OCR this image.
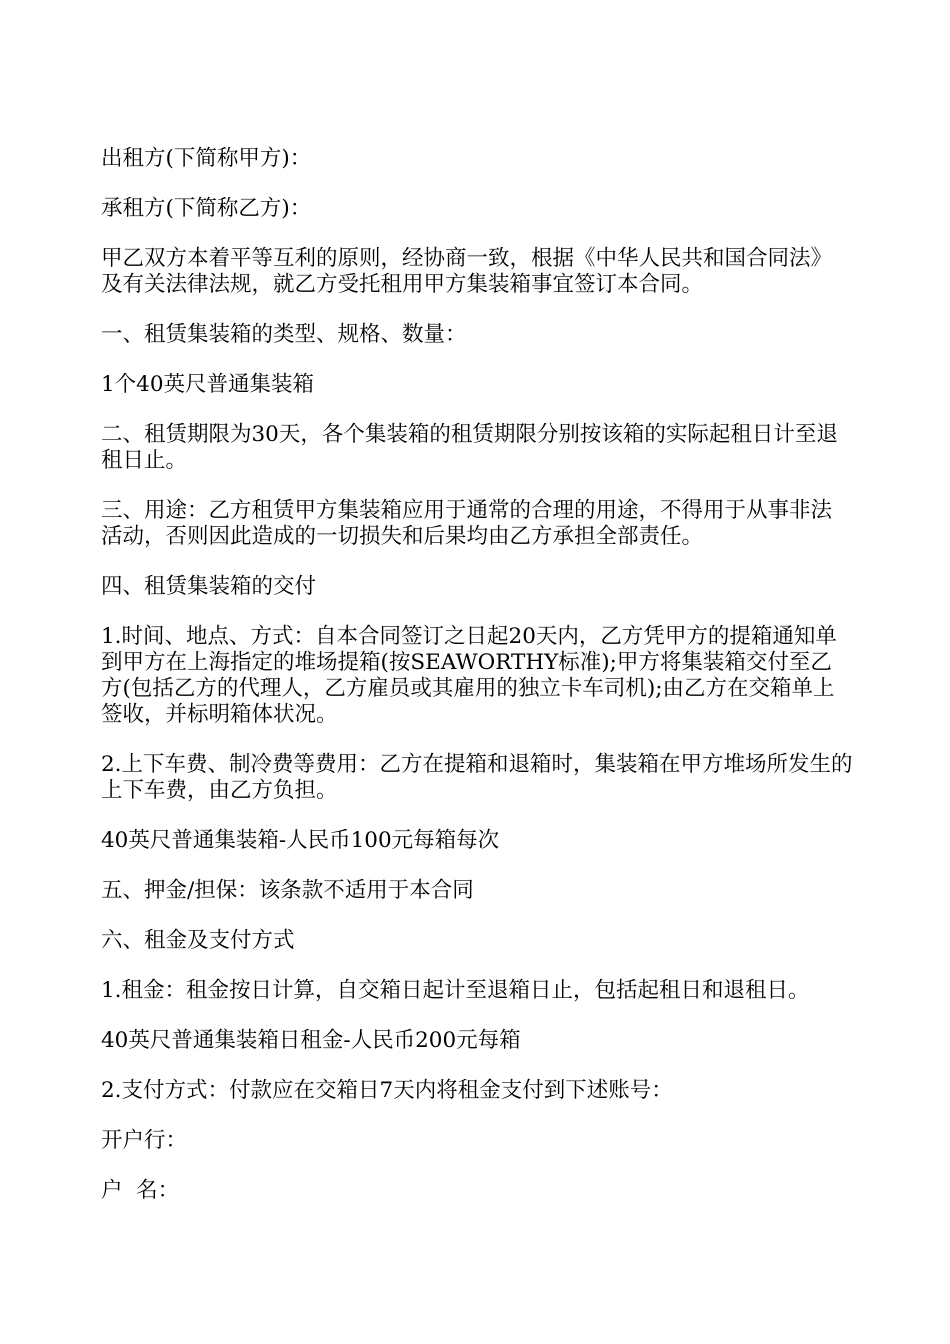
出租方(下简称甲方)：

承租方(下简称乙方)：

甲乙双方本着平等互利的原则，经协商一致，根据《中华人民共和国合同法》及有关法律法规，就乙方受托租用甲方集装箱事宜签订本合同。

一、租赁集装箱的类型、规格、数量：

1个40英尺普通集装箱

二、租赁期限为30天，各个集装箱的租赁期限分别按该箱的实际起租日计至退租日止。

三、用途：乙方租赁甲方集装箱应用于通常的合理的用途，不得用于从事非法活动，否则因此造成的一切损失和后果均由乙方承担全部责任。

四、租赁集装箱的交付

1.时间、地点、方式：自本合同签订之日起20天内，乙方凭甲方的提箱通知单到甲方在上海指定的堆场提箱(按SEAWORTHY标准);甲方将集装箱交付至乙方(包括乙方的代理人，乙方雇员或其雇用的独立卡车司机);由乙方在交箱单上签收，并标明箱体状况。

2.上下车费、制冷费等费用：乙方在提箱和退箱时，集装箱在甲方堆场所发生的上下车费，由乙方负担。

40英尺普通集装箱-人民币100元每箱每次

五、押金/担保：该条款不适用于本合同

六、租金及支付方式

1.租金：租金按日计算，自交箱日起计至退箱日止，包括起租日和退租日。

40英尺普通集装箱日租金-人民币200元每箱

2.支付方式：付款应在交箱日7天内将租金支付到下述账号：

开户行：

户  名：
